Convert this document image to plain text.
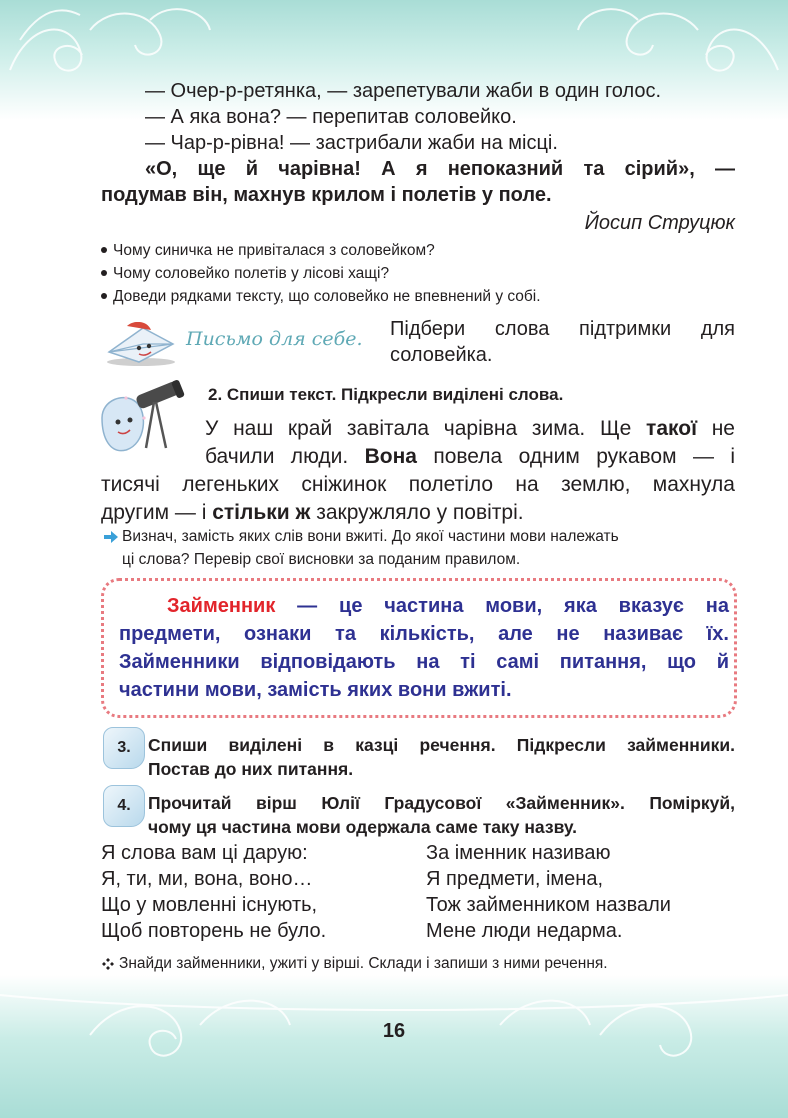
— Очер-р-ретянка, — зарепетували жаби в один голос.
— А яка вона? — перепитав соловейко.
— Чар-р-рівна! — застрибали жаби на місці.
«О, ще й чарівна! А я непоказний та сірий», —
подумав він, махнув крилом і полетів у поле.
Йосип Струцюк
Чому синичка не привіталася з соловейком?
Чому соловейко полетів у лісові хащі?
Доведи рядками тексту, що соловейко не впевнений у собі.
Письмо для себе. Підбери слова підтримки для
соловейка.
2. Спиши текст. Підкресли виділені слова.
У наш край завітала чарівна зима. Ще такої не
бачили люди. Вона повела одним рукавом — і
тисячі легеньких сніжинок полетіло на землю, махнула
другим — і стільки ж закружляло у повітрі.
Визнач, замість яких слів вони вжиті. До якої частини мови належать
ці слова? Перевір свої висновки за поданим правилом.
Займенник — це частина мови, яка вказує на
предмети, ознаки та кількість, але не називає їх.
Займенники відповідають на ті самі питання, що й
частини мови, замість яких вони вжиті.
3. Спиши виділені в казці речення. Підкресли займенники.
Постав до них питання.
4. Прочитай вірш Юлії Градусової «Займенник». Поміркуй,
чому ця частина мови одержала саме таку назву.
Я слова вам ці дарую:
Я, ти, ми, вона, воно…
Що у мовленні існують,
Щоб повторень не було.
За іменник називаю
Я предмети, імена,
Тож займенником назвали
Мене люди недарма.
Знайди займенники, ужиті у вірші. Склади і запиши з ними речення.
16
